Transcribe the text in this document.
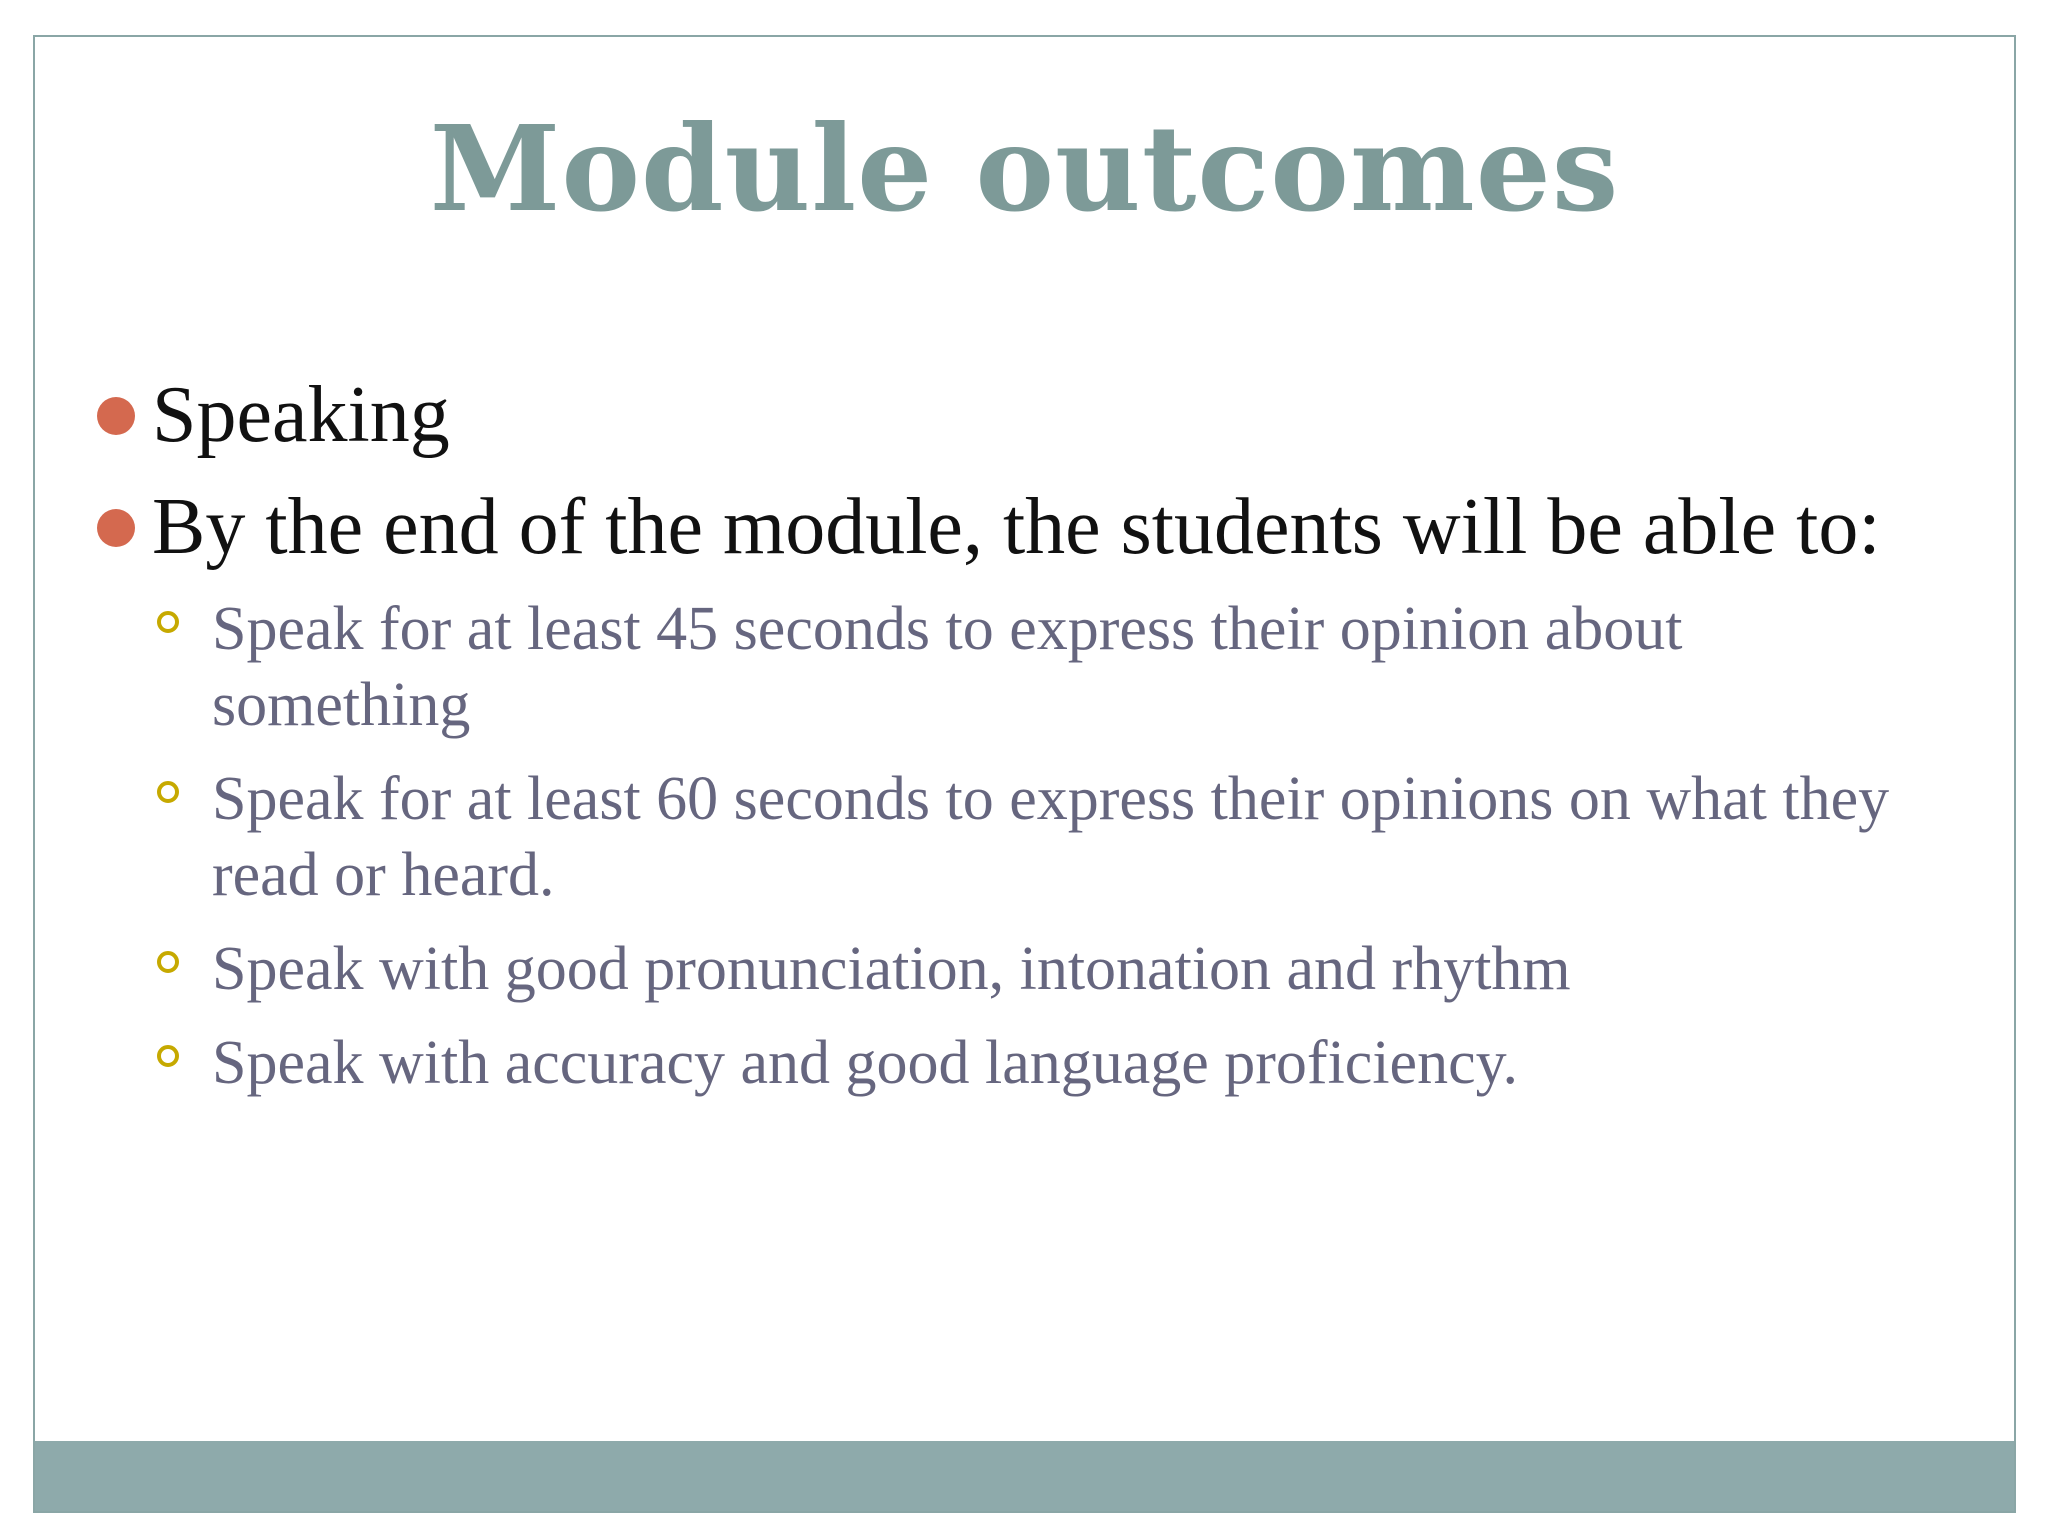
Module outcomes
Speaking
By the end of the module, the students will be able to:
Speak for at least 45 seconds to express their opinion about something
Speak for at least 60 seconds to express their opinions on what they read or heard.
Speak with good pronunciation, intonation and rhythm
Speak with accuracy and good language proficiency.
